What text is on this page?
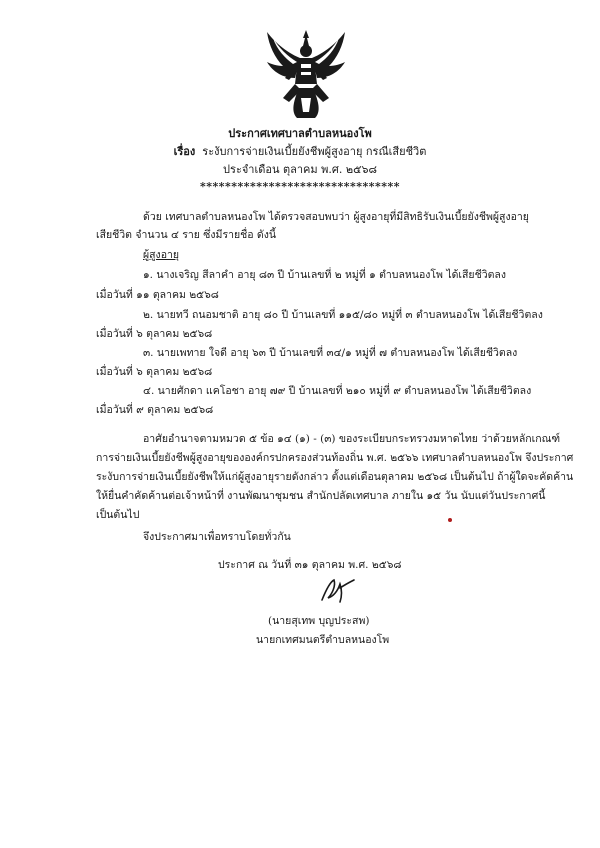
ประกาศเทศบาลตำบลหนองโพ
เรื่อง ระงับการจ่ายเงินเบี้ยยังชีพผู้สูงอายุ กรณีเสียชีวิต
ประจำเดือน ตุลาคม พ.ศ. ๒๕๖๘
********************************
ด้วย เทศบาลตำบลหนองโพ ได้ตรวจสอบพบว่า ผู้สูงอายุที่มีสิทธิรับเงินเบี้ยยังชีพผู้สูงอายุ
เสียชีวิต จำนวน ๔ ราย ซึ่งมีรายชื่อ ดังนี้
ผู้สูงอายุ
๑. นางเจริญ สีลาคำ อายุ ๘๓ ปี บ้านเลขที่ ๒ หมู่ที่ ๑ ตำบลหนองโพ ได้เสียชีวิตลง
เมื่อวันที่ ๑๑ ตุลาคม ๒๕๖๘
๒. นายทวี ถนอมชาติ อายุ ๘๐ ปี บ้านเลขที่ ๑๑๕/๘๐ หมู่ที่ ๓ ตำบลหนองโพ ได้เสียชีวิตลง
เมื่อวันที่ ๖ ตุลาคม ๒๕๖๘
๓. นายเพทาย ใจดี อายุ ๖๓ ปี บ้านเลขที่ ๓๔/๑ หมู่ที่ ๗ ตำบลหนองโพ ได้เสียชีวิตลง
เมื่อวันที่ ๖ ตุลาคม ๒๕๖๘
๔. นายศักดา แคโอชา อายุ ๗๙ ปี บ้านเลขที่ ๒๑๐ หมู่ที่ ๙ ตำบลหนองโพ ได้เสียชีวิตลง
เมื่อวันที่ ๙ ตุลาคม ๒๕๖๘
อาศัยอำนาจตามหมวด ๕ ข้อ ๑๔ (๑) - (๓) ของระเบียบกระทรวงมหาดไทย ว่าด้วยหลักเกณฑ์
การจ่ายเงินเบี้ยยังชีพผู้สูงอายุขององค์กรปกครองส่วนท้องถิ่น พ.ศ. ๒๕๖๖ เทศบาลตำบลหนองโพ จึงประกาศ
ระงับการจ่ายเงินเบี้ยยังชีพให้แก่ผู้สูงอายุรายดังกล่าว ตั้งแต่เดือนตุลาคม ๒๕๖๘ เป็นต้นไป ถ้าผู้ใดจะคัดค้าน
ให้ยื่นคำคัดค้านต่อเจ้าหน้าที่ งานพัฒนาชุมชน สำนักปลัดเทศบาล ภายใน ๑๕ วัน นับแต่วันประกาศนี้
เป็นต้นไป
จึงประกาศมาเพื่อทราบโดยทั่วกัน
ประกาศ ณ วันที่ ๓๑ ตุลาคม พ.ศ. ๒๕๖๘
(นายสุเทพ บุญประสพ)
นายกเทศมนตรีตำบลหนองโพ
